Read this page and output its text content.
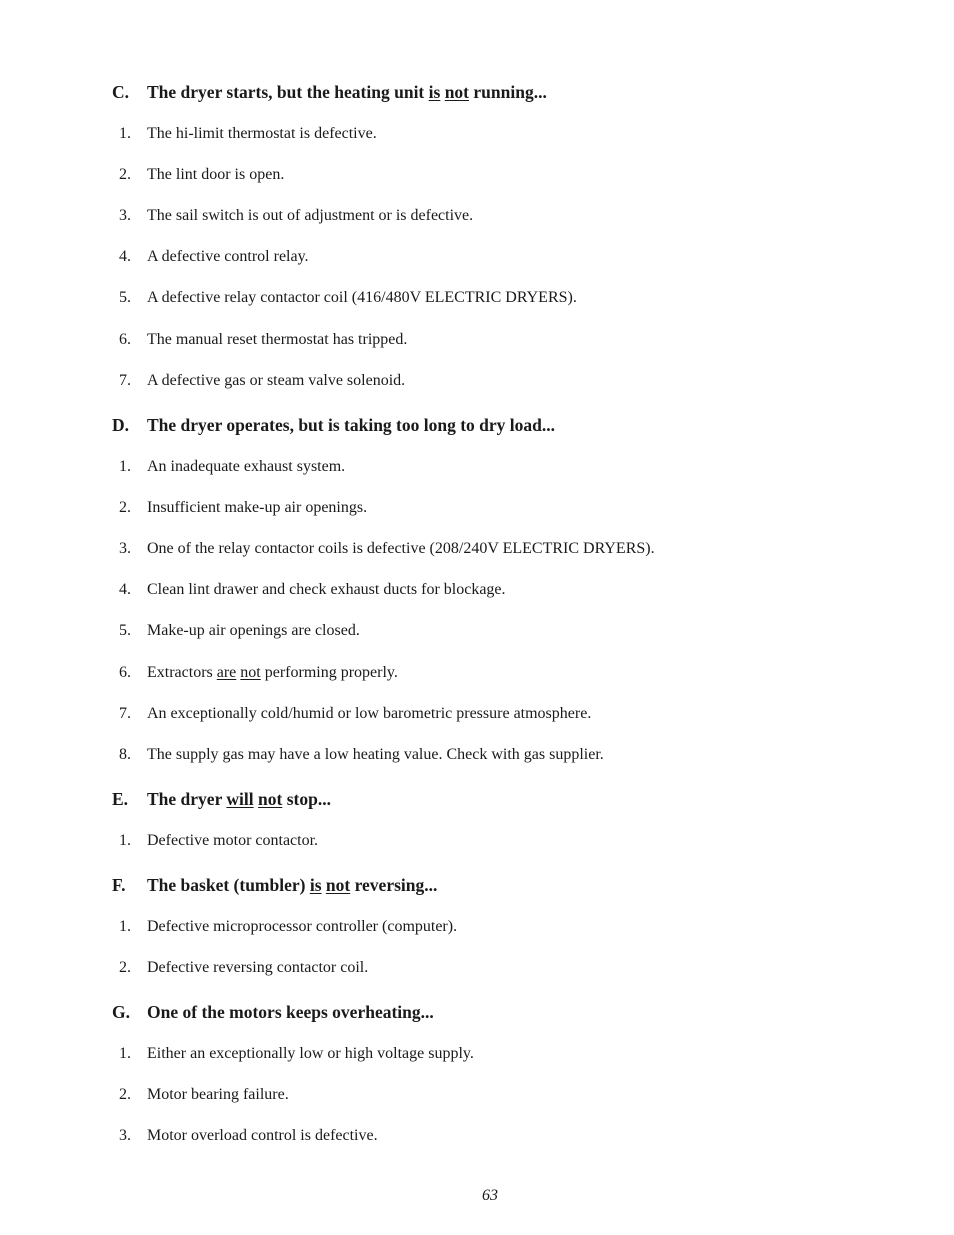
C. The dryer starts, but the heating unit is not running...
1. The hi-limit thermostat is defective.
2. The lint door is open.
3. The sail switch is out of adjustment or is defective.
4. A defective control relay.
5. A defective relay contactor coil (416/480V ELECTRIC DRYERS).
6. The manual reset thermostat has tripped.
7. A defective gas or steam valve solenoid.
D. The dryer operates, but is taking too long to dry load...
1. An inadequate exhaust system.
2. Insufficient make-up air openings.
3. One of the relay contactor coils is defective (208/240V ELECTRIC DRYERS).
4. Clean lint drawer and check exhaust ducts for blockage.
5. Make-up air openings are closed.
6. Extractors are not performing properly.
7. An exceptionally cold/humid or low barometric pressure atmosphere.
8. The supply gas may have a low heating value. Check with gas supplier.
E. The dryer will not stop...
1. Defective motor contactor.
F. The basket (tumbler) is not reversing...
1. Defective microprocessor controller (computer).
2. Defective reversing contactor coil.
G. One of the motors keeps overheating...
1. Either an exceptionally low or high voltage supply.
2. Motor bearing failure.
3. Motor overload control is defective.
63
